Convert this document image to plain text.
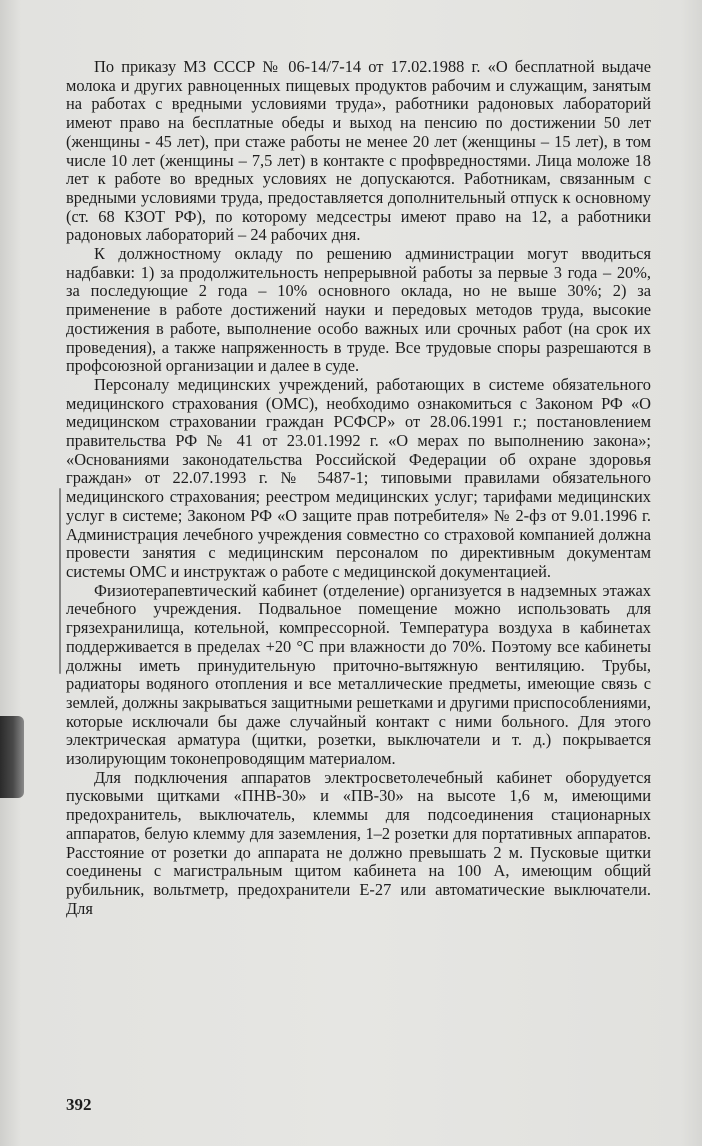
По приказу МЗ СССР № 06-14/7-14 от 17.02.1988 г. «О бесплатной выдаче молока и других равноценных пищевых продуктов рабочим и служащим, занятым на работах с вредными условиями труда», работники радоновых лабораторий имеют право на бесплатные обеды и выход на пенсию по достижении 50 лет (женщины - 45 лет), при стаже работы не менее 20 лет (женщины – 15 лет), в том числе 10 лет (женщины – 7,5 лет) в контакте с профвредностями. Лица моложе 18 лет к работе во вредных условиях не допускаются. Работникам, связанным с вредными условиями труда, предоставляется дополнительный отпуск к основному (ст. 68 КЗОТ РФ), по которому медсестры имеют право на 12, а работники радоновых лабораторий – 24 рабочих дня.

К должностному окладу по решению администрации могут вводиться надбавки: 1) за продолжительность непрерывной работы за первые 3 года – 20%, за последующие 2 года – 10% основного оклада, но не выше 30%; 2) за применение в работе достижений науки и передовых методов труда, высокие достижения в работе, выполнение особо важных или срочных работ (на срок их проведения), а также напряженность в труде. Все трудовые споры разрешаются в профсоюзной организации и далее в суде.

Персоналу медицинских учреждений, работающих в системе обязательного медицинского страхования (ОМС), необходимо ознакомиться с Законом РФ «О медицинском страховании граждан РСФСР» от 28.06.1991 г.; постановлением правительства РФ № 41 от 23.01.1992 г. «О мерах по выполнению закона»; «Основаниями законодательства Российской Федерации об охране здоровья граждан» от 22.07.1993 г. № 5487-1; типовыми правилами обязательного медицинского страхования; реестром медицинских услуг; тарифами медицинских услуг в системе; Законом РФ «О защите прав потребителя» № 2-фз от 9.01.1996 г. Администрация лечебного учреждения совместно со страховой компанией должна провести занятия с медицинским персоналом по директивным документам системы ОМС и инструктаж о работе с медицинской документацией.

Физиотерапевтический кабинет (отделение) организуется в надземных этажах лечебного учреждения. Подвальное помещение можно использовать для грязехранилища, котельной, компрессорной. Температура воздуха в кабинетах поддерживается в пределах +20 °С при влажности до 70%. Поэтому все кабинеты должны иметь принудительную приточно-вытяжную вентиляцию. Трубы, радиаторы водяного отопления и все металлические предметы, имеющие связь с землей, должны закрываться защитными решетками и другими приспособлениями, которые исключали бы даже случайный контакт с ними больного. Для этого электрическая арматура (щитки, розетки, выключатели и т. д.) покрывается изолирующим токонепроводящим материалом.

Для подключения аппаратов электросветолечебный кабинет оборудуется пусковыми щитками «ПНВ-30» и «ПВ-30» на высоте 1,6 м, имеющими предохранитель, выключатель, клеммы для подсоединения стационарных аппаратов, белую клемму для заземления, 1–2 розетки для портативных аппаратов. Расстояние от розетки до аппарата не должно превышать 2 м. Пусковые щитки соединены с магистральным щитом кабинета на 100 А, имеющим общий рубильник, вольтметр, предохранители Е-27 или автоматические выключатели. Для

392
